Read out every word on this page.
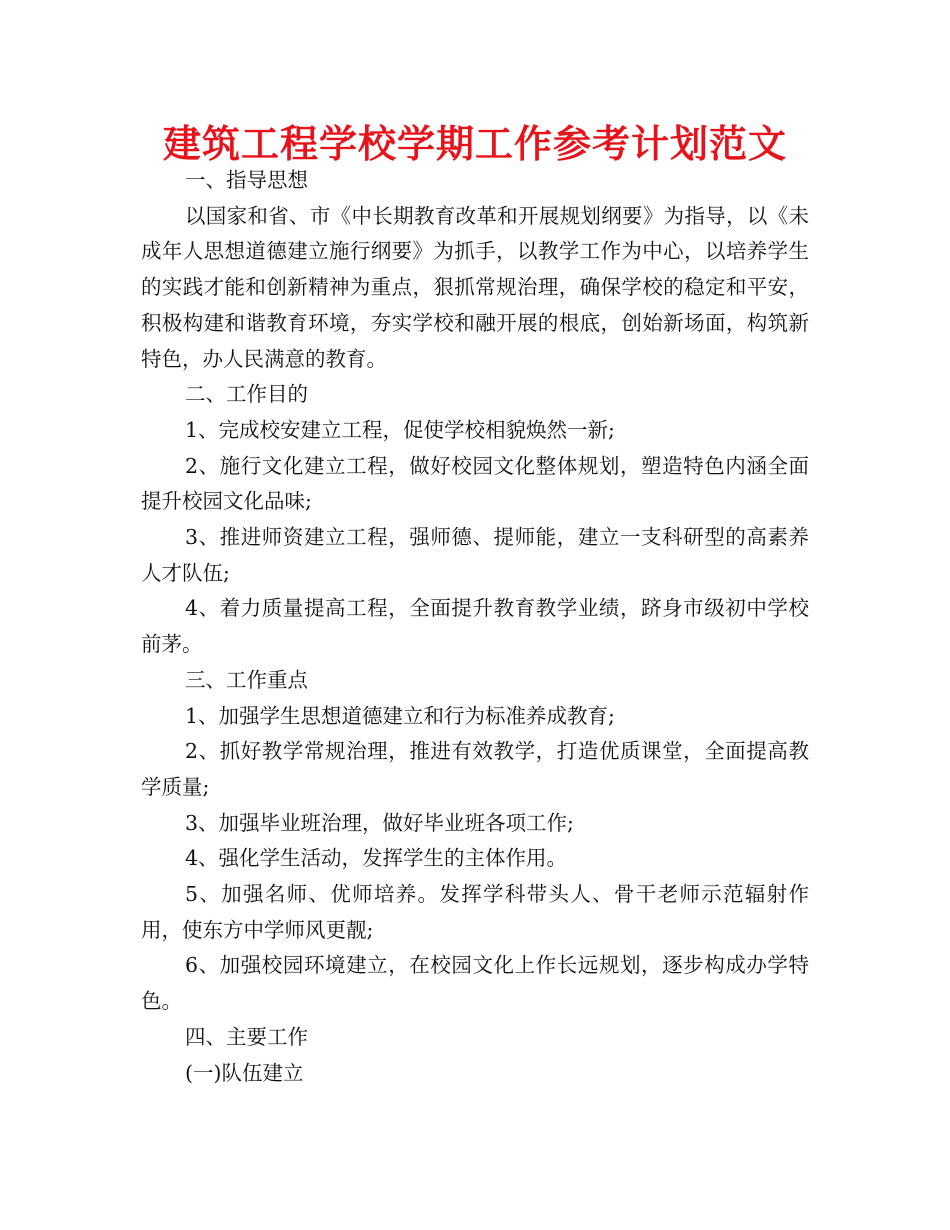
建筑工程学校学期工作参考计划范文

一、指导思想

以国家和省、市《中长期教育改革和开展规划纲要》为指导，以《未成年人思想道德建立施行纲要》为抓手，以教学工作为中心，以培养学生的实践才能和创新精神为重点，狠抓常规治理，确保学校的稳定和平安，积极构建和谐教育环境，夯实学校和融开展的根底，创始新场面，构筑新特色，办人民满意的教育。

二、工作目的

1、完成校安建立工程，促使学校相貌焕然一新;

2、施行文化建立工程，做好校园文化整体规划，塑造特色内涵全面提升校园文化品味;

3、推进师资建立工程，强师德、提师能，建立一支科研型的高素养人才队伍;

4、着力质量提高工程，全面提升教育教学业绩，跻身市级初中学校前茅。

三、工作重点

1、加强学生思想道德建立和行为标准养成教育;

2、抓好教学常规治理，推进有效教学，打造优质课堂，全面提高教学质量;

3、加强毕业班治理，做好毕业班各项工作;

4、强化学生活动，发挥学生的主体作用。

5、加强名师、优师培养。发挥学科带头人、骨干老师示范辐射作用，使东方中学师风更靓;

6、加强校园环境建立，在校园文化上作长远规划，逐步构成办学特色。

四、主要工作

(一)队伍建立
